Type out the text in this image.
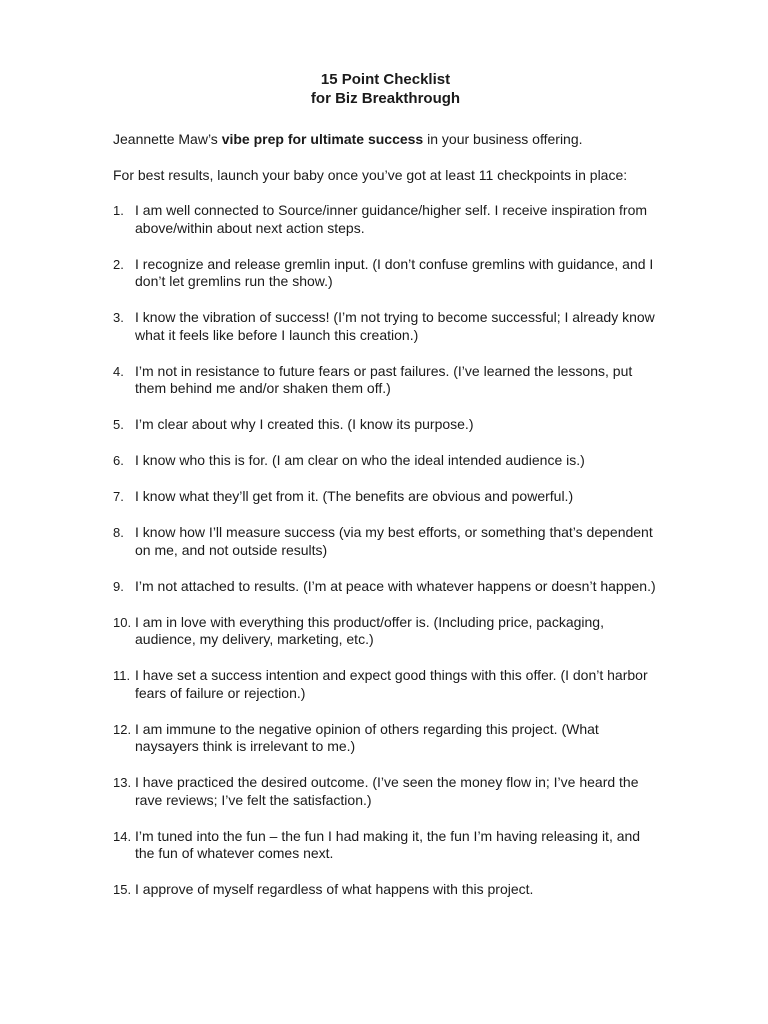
15 Point Checklist
for Biz Breakthrough

Jeannette Maw’s vibe prep for ultimate success in your business offering.

For best results, launch your baby once you’ve got at least 11 checkpoints in place:

1. I am well connected to Source/inner guidance/higher self. I receive inspiration from above/within about next action steps.
2. I recognize and release gremlin input. (I don’t confuse gremlins with guidance, and I don’t let gremlins run the show.)
3. I know the vibration of success! (I’m not trying to become successful; I already know what it feels like before I launch this creation.)
4. I’m not in resistance to future fears or past failures. (I’ve learned the lessons, put them behind me and/or shaken them off.)
5. I’m clear about why I created this. (I know its purpose.)
6. I know who this is for. (I am clear on who the ideal intended audience is.)
7. I know what they’ll get from it. (The benefits are obvious and powerful.)
8. I know how I’ll measure success (via my best efforts, or something that’s dependent on me, and not outside results)
9. I’m not attached to results. (I’m at peace with whatever happens or doesn’t happen.)
10. I am in love with everything this product/offer is. (Including price, packaging, audience, my delivery, marketing, etc.)
11. I have set a success intention and expect good things with this offer. (I don’t harbor fears of failure or rejection.)
12. I am immune to the negative opinion of others regarding this project. (What naysayers think is irrelevant to me.)
13. I have practiced the desired outcome. (I’ve seen the money flow in; I’ve heard the rave reviews; I’ve felt the satisfaction.)
14. I’m tuned into the fun – the fun I had making it, the fun I’m having releasing it, and the fun of whatever comes next.
15. I approve of myself regardless of what happens with this project.
